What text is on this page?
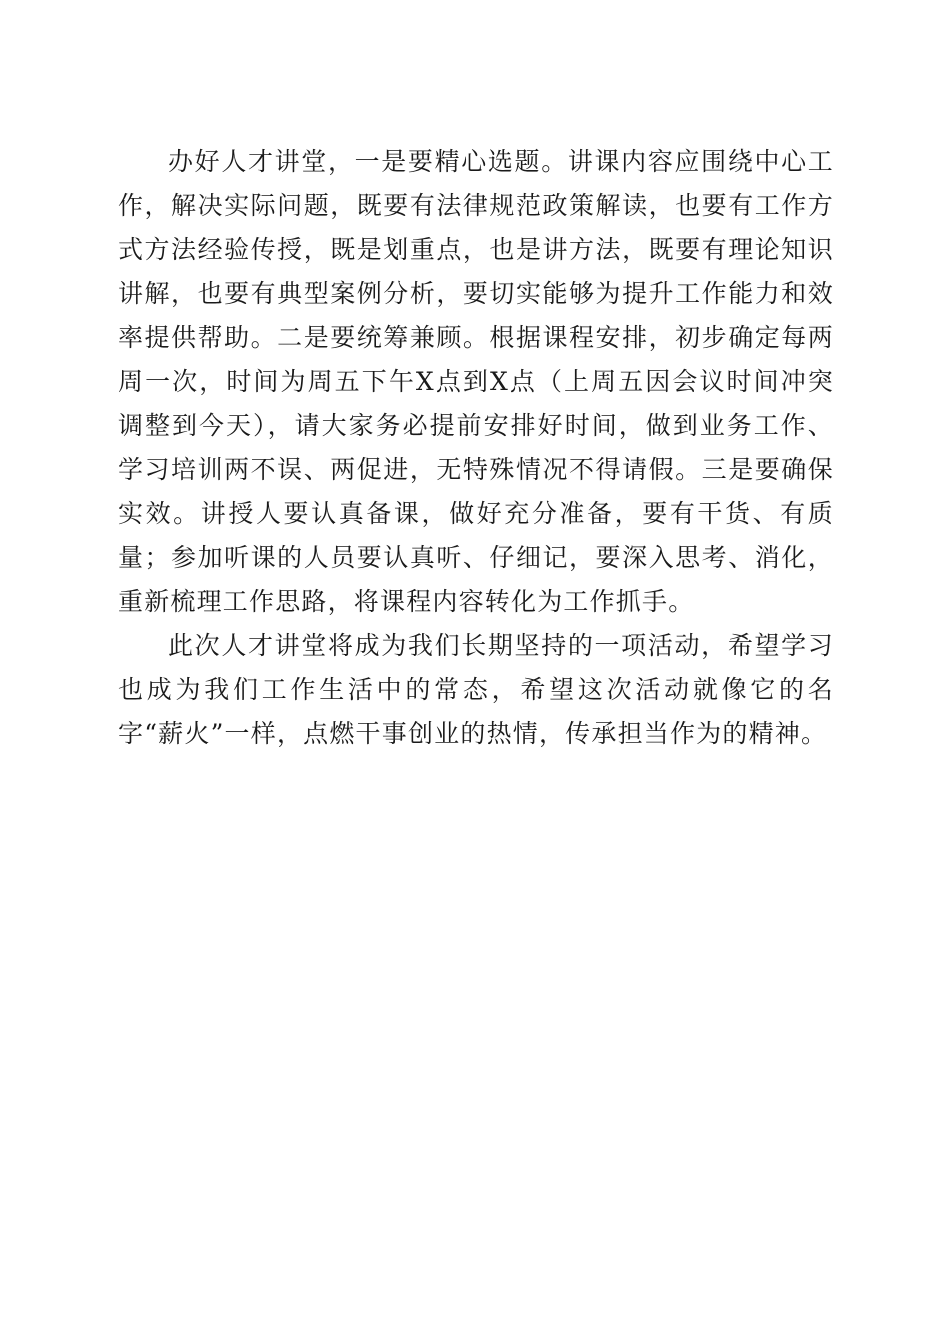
办好人才讲堂，一是要精心选题。讲课内容应围绕中心工作，解决实际问题，既要有法律规范政策解读，也要有工作方式方法经验传授，既是划重点，也是讲方法，既要有理论知识讲解，也要有典型案例分析，要切实能够为提升工作能力和效率提供帮助。二是要统筹兼顾。根据课程安排，初步确定每两周一次，时间为周五下午X点到X点（上周五因会议时间冲突调整到今天），请大家务必提前安排好时间，做到业务工作、学习培训两不误、两促进，无特殊情况不得请假。三是要确保实效。讲授人要认真备课，做好充分准备，要有干货、有质量；参加听课的人员要认真听、仔细记，要深入思考、消化，重新梳理工作思路，将课程内容转化为工作抓手。

此次人才讲堂将成为我们长期坚持的一项活动，希望学习也成为我们工作生活中的常态，希望这次活动就像它的名字“薪火”一样，点燃干事创业的热情，传承担当作为的精神。
